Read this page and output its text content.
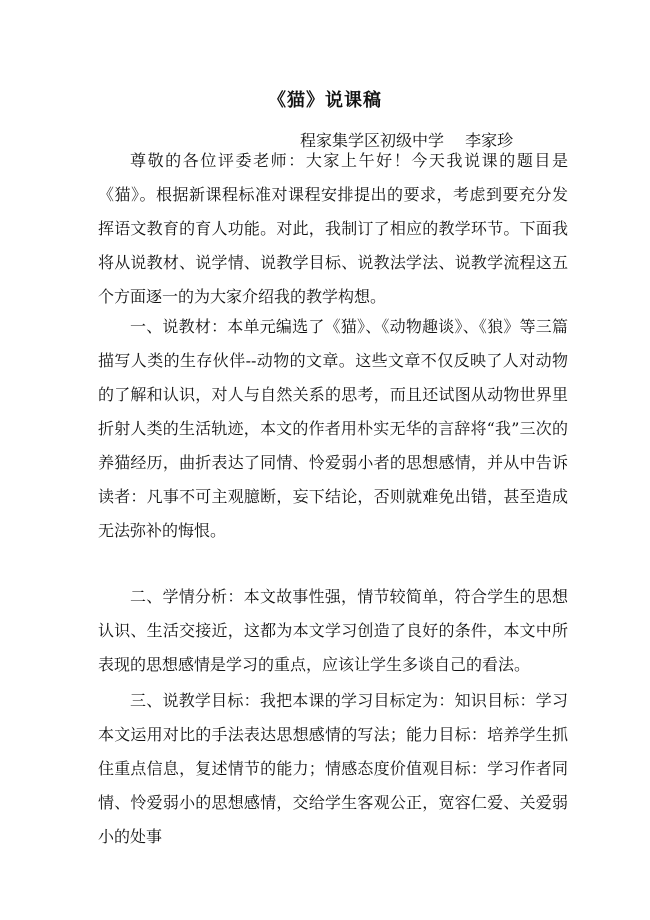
《猫》说课稿
程家集学区初级中学　 李家珍

尊敬的各位评委老师：大家上午好！今天我说课的题目是《猫》。根据新课程标准对课程安排提出的要求，考虑到要充分发挥语文教育的育人功能。对此，我制订了相应的教学环节。下面我将从说教材、说学情、说教学目标、说教法学法、说教学流程这五个方面逐一的为大家介绍我的教学构想。

一、说教材：本单元编选了《猫》、《动物趣谈》、《狼》等三篇描写人类的生存伙伴--动物的文章。这些文章不仅反映了人对动物的了解和认识，对人与自然关系的思考，而且还试图从动物世界里折射人类的生活轨迹，本文的作者用朴实无华的言辞将“我”三次的养猫经历，曲折表达了同情、怜爱弱小者的思想感情，并从中告诉读者：凡事不可主观臆断，妄下结论，否则就难免出错，甚至造成无法弥补的悔恨。

二、学情分析：本文故事性强，情节较简单，符合学生的思想认识、生活交接近，这都为本文学习创造了良好的条件，本文中所表现的思想感情是学习的重点，应该让学生多谈自己的看法。

三、说教学目标：我把本课的学习目标定为：知识目标：学习本文运用对比的手法表达思想感情的写法；能力目标：培养学生抓住重点信息，复述情节的能力；情感态度价值观目标：学习作者同情、怜爱弱小的思想感情，交给学生客观公正，宽容仁爱、关爱弱小的处事
